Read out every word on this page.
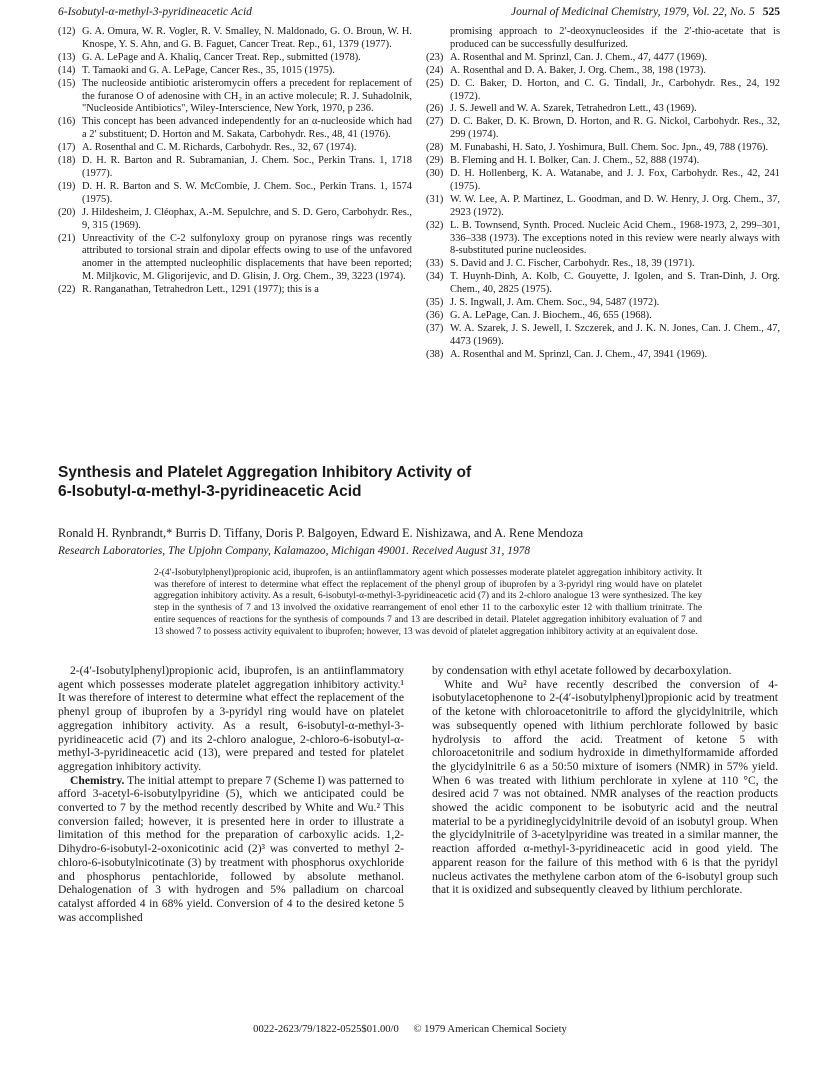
6-Isobutyl-α-methyl-3-pyridineacetic Acid	Journal of Medicinal Chemistry, 1979, Vol. 22, No. 5 525
(12) G. A. Omura, W. R. Vogler, R. V. Smalley, N. Maldonado, G. O. Broun, W. H. Knospe, Y. S. Ahn, and G. B. Faguet, Cancer Treat. Rep., 61, 1379 (1977).
(13) G. A. LePage and A. Khaliq, Cancer Treat. Rep., submitted (1978).
(14) T. Tamaoki and G. A. LePage, Cancer Res., 35, 1015 (1975).
(15) The nucleoside antibiotic aristeromycin offers a precedent for replacement of the furanose O of adenosine with CH₂ in an active molecule; R. J. Suhadolnik, "Nucleoside Antibiotics", Wiley-Interscience, New York, 1970, p 236.
(16) This concept has been advanced independently for an α-nucleoside which had a 2′ substituent; D. Horton and M. Sakata, Carbohydr. Res., 48, 41 (1976).
(17) A. Rosenthal and C. M. Richards, Carbohydr. Res., 32, 67 (1974).
(18) D. H. R. Barton and R. Subramanian, J. Chem. Soc., Perkin Trans. 1, 1718 (1977).
(19) D. H. R. Barton and S. W. McCombie, J. Chem. Soc., Perkin Trans. 1, 1574 (1975).
(20) J. Hildesheim, J. Cléophax, A.-M. Sepulchre, and S. D. Gero, Carbohydr. Res., 9, 315 (1969).
(21) Unreactivity of the C-2 sulfonyloxy group on pyranose rings was recently attributed to torsional strain and dipolar effects owing to use of the unfavored anomer in the attempted nucleophilic displacements that have been reported; M. Miljkovic, M. Gligorijevic, and D. Glisin, J. Org. Chem., 39, 3223 (1974).
(22) R. Ranganathan, Tetrahedron Lett., 1291 (1977); this is a
promising approach to 2′-deoxynucleosides if the 2′-thio-acetate that is produced can be successfully desulfurized.
(23) A. Rosenthal and M. Sprinzl, Can. J. Chem., 47, 4477 (1969).
(24) A. Rosenthal and D. A. Baker, J. Org. Chem., 38, 198 (1973).
(25) D. C. Baker, D. Horton, and C. G. Tindall, Jr., Carbohydr. Res., 24, 192 (1972).
(26) J. S. Jewell and W. A. Szarek, Tetrahedron Lett., 43 (1969).
(27) D. C. Baker, D. K. Brown, D. Horton, and R. G. Nickol, Carbohydr. Res., 32, 299 (1974).
(28) M. Funabashi, H. Sato, J. Yoshimura, Bull. Chem. Soc. Jpn., 49, 788 (1976).
(29) B. Fleming and H. I. Bolker, Can. J. Chem., 52, 888 (1974).
(30) D. H. Hollenberg, K. A. Watanabe, and J. J. Fox, Carbohydr. Res., 42, 241 (1975).
(31) W. W. Lee, A. P. Martinez, L. Goodman, and D. W. Henry, J. Org. Chem., 37, 2923 (1972).
(32) L. B. Townsend, Synth. Proced. Nucleic Acid Chem., 1968-1973, 2, 299–301, 336–338 (1973). The exceptions noted in this review were nearly always with 8-substituted purine nucleosides.
(33) S. David and J. C. Fischer, Carbohydr. Res., 18, 39 (1971).
(34) T. Huynh-Dinh, A. Kolb, C. Gouyette, J. Igolen, and S. Tran-Dinh, J. Org. Chem., 40, 2825 (1975).
(35) J. S. Ingwall, J. Am. Chem. Soc., 94, 5487 (1972).
(36) G. A. LePage, Can. J. Biochem., 46, 655 (1968).
(37) W. A. Szarek, J. S. Jewell, I. Szczerek, and J. K. N. Jones, Can. J. Chem., 47, 4473 (1969).
(38) A. Rosenthal and M. Sprinzl, Can. J. Chem., 47, 3941 (1969).
Synthesis and Platelet Aggregation Inhibitory Activity of
6-Isobutyl-α-methyl-3-pyridineacetic Acid
Ronald H. Rynbrandt,* Burris D. Tiffany, Doris P. Balgoyen, Edward E. Nishizawa, and A. Rene Mendoza
Research Laboratories, The Upjohn Company, Kalamazoo, Michigan 49001. Received August 31, 1978
2-(4′-Isobutylphenyl)propionic acid, ibuprofen, is an antiinflammatory agent which possesses moderate platelet aggregation inhibitory activity. It was therefore of interest to determine what effect the replacement of the phenyl group of ibuprofen by a 3-pyridyl ring would have on platelet aggregation inhibitory activity. As a result, 6-isobutyl-α-methyl-3-pyridineacetic acid (7) and its 2-chloro analogue 13 were synthesized. The key step in the synthesis of 7 and 13 involved the oxidative rearrangement of enol ether 11 to the carboxylic ester 12 with thallium trinitrate. The entire sequences of reactions for the synthesis of compounds 7 and 13 are described in detail. Platelet aggregation inhibitory evaluation of 7 and 13 showed 7 to possess activity equivalent to ibuprofen; however, 13 was devoid of platelet aggregation inhibitory activity at an equivalent dose.

2-(4′-Isobutylphenyl)propionic acid, ibuprofen, is an antiinflammatory agent which possesses moderate platelet aggregation inhibitory activity.¹ It was therefore of interest to determine what effect the replacement of the phenyl group of ibuprofen by a 3-pyridyl ring would have on platelet aggregation inhibitory activity. As a result, 6-isobutyl-α-methyl-3-pyridineacetic acid (7) and its 2-chloro analogue, 2-chloro-6-isobutyl-α-methyl-3-pyridineacetic acid (13), were prepared and tested for platelet aggregation inhibitory activity.

Chemistry. The initial attempt to prepare 7 (Scheme I) was patterned to afford 3-acetyl-6-isobutylpyridine (5), which we anticipated could be converted to 7 by the method recently described by White and Wu.² This conversion failed; however, it is presented here in order to illustrate a limitation of this method for the preparation of carboxylic acids. 1,2-Dihydro-6-isobutyl-2-oxonicotinic acid (2)³ was converted to methyl 2-chloro-6-isobutylnicotinate (3) by treatment with phosphorus oxychloride and phosphorus pentachloride, followed by absolute methanol. Dehalogenation of 3 with hydrogen and 5% palladium on charcoal catalyst afforded 4 in 68% yield. Conversion of 4 to the desired ketone 5 was accomplished

by condensation with ethyl acetate followed by decarboxylation.

White and Wu² have recently described the conversion of 4-isobutylacetophenone to 2-(4′-isobutylphenyl)propionic acid by treatment of the ketone with chloroacetonitrile to afford the glycidylnitrile, which was subsequently opened with lithium perchlorate followed by basic hydrolysis to afford the acid. Treatment of ketone 5 with chloroacetonitrile and sodium hydroxide in dimethylformamide afforded the glycidylnitrile 6 as a 50:50 mixture of isomers (NMR) in 57% yield. When 6 was treated with lithium perchlorate in xylene at 110 °C, the desired acid 7 was not obtained. NMR analyses of the reaction products showed the acidic component to be isobutyric acid and the neutral material to be a pyridineglycidylnitrile devoid of an isobutyl group. When the glycidylnitrile of 3-acetylpyridine was treated in a similar manner, the reaction afforded α-methyl-3-pyridineacetic acid in good yield. The apparent reason for the failure of this method with 6 is that the pyridyl nucleus activates the methylene carbon atom of the 6-isobutyl group such that it is oxidized and subsequently cleaved by lithium perchlorate.

0022-2623/79/1822-0525$01.00/0 © 1979 American Chemical Society
